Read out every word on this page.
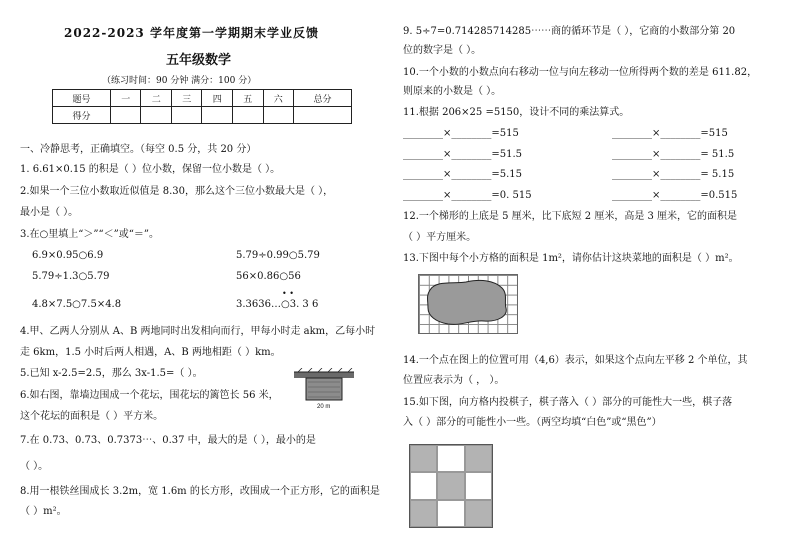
2022-2023 学年度第一学期期末学业反馈
五年级数学
（练习时间：90 分钟 满分：100 分）
题号	一	二	三	四	五	六	总分
得分							
一、冷静思考，正确填空。（每空 0.5 分，共 20 分）
1. 6.61×0.15 的积是（ ）位小数，保留一位小数是（ ）。
2.如果一个三位小数取近似值是 8.30，那么这个三位小数最大是（ ），
最小是（ ）。
3.在○里填上“＞”“＜”或“＝”。
6.9×0.95○6.9	5.79÷0.99○5.79
5.79÷1.3○5.79	56×0.86○56
4.8×7.5○7.5×4.8	3.3636…○3. 3 6
• •
4.甲、乙两人分别从 A、B 两地同时出发相向而行，甲每小时走 akm，乙每小时
走 6km，1.5 小时后两人相遇，A、B 两地相距（ ）km。
5.已知 x-2.5=2.5，那么 3x-1.5=（ ）。
6.如右图，靠墙边围成一个花坛，围花坛的篱笆长 56 米，
这个花坛的面积是（ ）平方米。
20 m
7.在 0.73、0.73̇、0.7373⋯、0.37 中，最大的是（ ），最小的是
（ ）。
8.用一根铁丝围成长 3.2m，宽 1.6m 的长方形，改围成一个正方形，它的面积是
（ ）m²。
9. 5÷7=0.714285714285⋯⋯商的循环节是（ ），它商的小数部分第 20
位的数字是（ ）。
10.一个小数的小数点向右移动一位与向左移动一位所得两个数的差是 611.82，
则原来的小数是（ ）。
11.根据 206×25 =5150，设计不同的乘法算式。
________×________=515	________×________=515
________×________=51.5	________×________= 51.5
________×________=5.15	________×________= 5.15
________×________=0. 515	________×________=0.515
12.一个梯形的上底是 5 厘米，比下底短 2 厘米，高是 3 厘米，它的面积是
（ ）平方厘米。
13.下图中每个小方格的面积是 1m²，请你估计这块菜地的面积是（ ）m²。
14.一个点在图上的位置可用（4,6）表示，如果这个点向左平移 2 个单位，其
位置应表示为（ ， ）。
15.如下图，向方格内投棋子，棋子落入（ ）部分的可能性大一些，棋子落
入（ ）部分的可能性小一些。（两空均填“白色”或“黑色”）
